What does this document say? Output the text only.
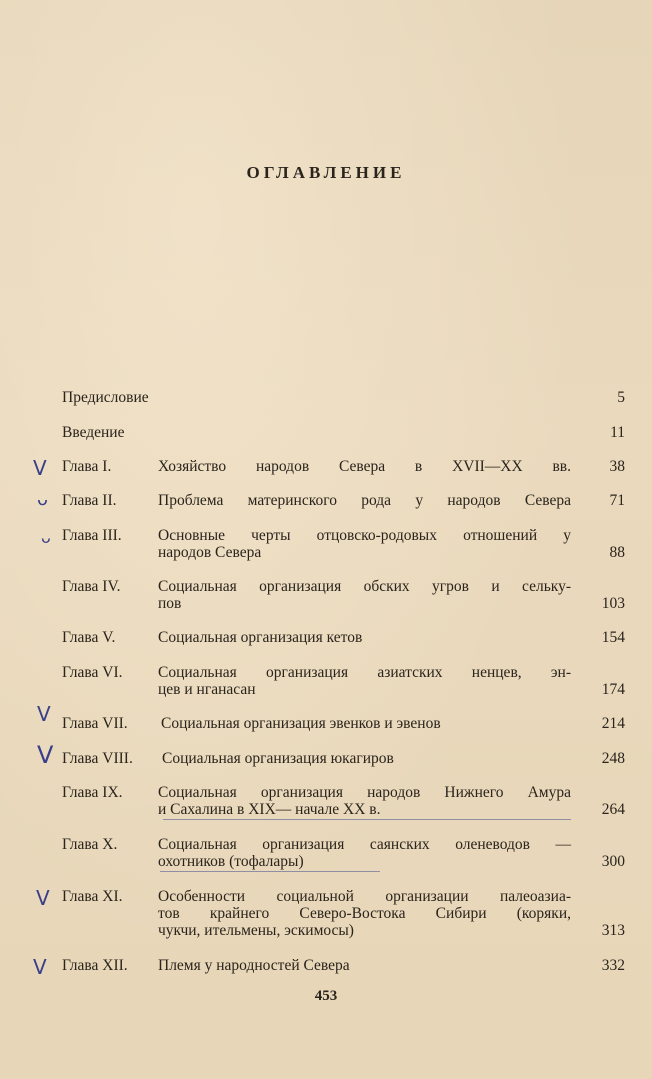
ОГЛАВЛЕНИЕ
Предисловие	5
Введение	11
Глава I.	Хозяйство народов Севера в XVII—XX вв. 38
Глава II.	Проблема материнского рода у народов Севера 71
Глава III. Основные черты отцовско-родовых отношений у
народов Севера	88
Глава IV. Социальная организация обских угров и сельку-
пов	103
Глава V.	Социальная организация кетов	154
Глава VI. Социальная организация азиатских ненцев, эн-
цев и нганасан	174
Глава VII. Социальная организация эвенков и эвенов	214
Глава VIII. Социальная организация юкагиров	248
Глава IX. Социальная организация народов Нижнего Амура
и Сахалина в XIX— начале XX в.	264
Глава X.	Социальная организация саянских оленеводов —
охотников (тофалары)	300
Глава XI. Особенности социальной организации палеоазиа-
тов крайнего Северо-Востока Сибири (коряки,
чукчи, ительмены, эскимосы)	313
Глава XII. Племя у народностей Севера	332
V
ᴗ
ᴗ
V
V
V
V
453
